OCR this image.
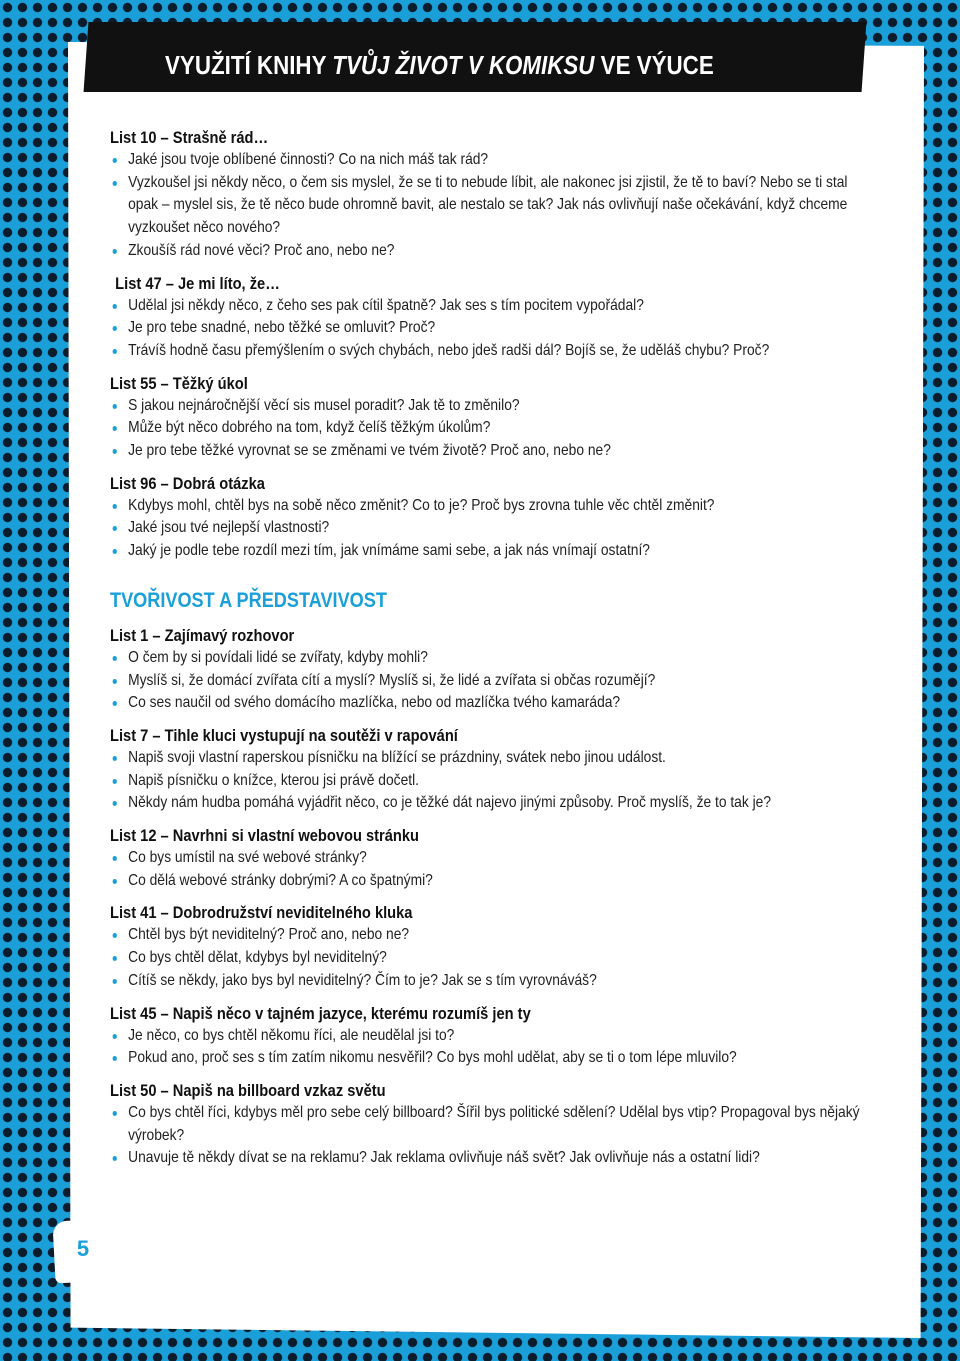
VYUŽITÍ KNIHY TVŮJ ŽIVOT V KOMIKSU VE VÝUCE
List 10 – Strašně rád…
Jaké jsou tvoje oblíbené činnosti? Co na nich máš tak rád?
Vyzkoušel jsi někdy něco, o čem sis myslel, že se ti to nebude líbit, ale nakonec jsi zjistil, že tě to baví? Nebo se ti stal opak – myslel sis, že tě něco bude ohromně bavit, ale nestalo se tak? Jak nás ovlivňují naše očekávání, když chceme vyzkoušet něco nového?
Zkoušíš rád nové věci? Proč ano, nebo ne?
List 47 – Je mi líto, že…
Udělal jsi někdy něco, z čeho ses pak cítil špatně? Jak ses s tím pocitem vypořádal?
Je pro tebe snadné, nebo těžké se omluvit? Proč?
Trávíš hodně času přemýšlením o svých chybách, nebo jdeš radši dál? Bojíš se, že uděláš chybu? Proč?
List 55 – Těžký úkol
S jakou nejnáročnější věcí sis musel poradit? Jak tě to změnilo?
Může být něco dobrého na tom, když čelíš těžkým úkolům?
Je pro tebe těžké vyrovnat se se změnami ve tvém životě? Proč ano, nebo ne?
List 96 – Dobrá otázka
Kdybys mohl, chtěl bys na sobě něco změnit? Co to je? Proč bys zrovna tuhle věc chtěl změnit?
Jaké jsou tvé nejlepší vlastnosti?
Jaký je podle tebe rozdíl mezi tím, jak vnímáme sami sebe, a jak nás vnímají ostatní?
TVOŘIVOST A PŘEDSTAVIVOST
List 1 – Zajímavý rozhovor
O čem by si povídali lidé se zvířaty, kdyby mohli?
Myslíš si, že domácí zvířata cítí a myslí? Myslíš si, že lidé a zvířata si občas rozumějí?
Co ses naučil od svého domácího mazlíčka, nebo od mazlíčka tvého kamaráda?
List 7 – Tihle kluci vystupují na soutěži v rapování
Napiš svoji vlastní raperskou písničku na blížící se prázdniny, svátek nebo jinou událost.
Napiš písničku o knížce, kterou jsi právě dočetl.
Někdy nám hudba pomáhá vyjádřit něco, co je těžké dát najevo jinými způsoby. Proč myslíš, že to tak je?
List 12 – Navrhni si vlastní webovou stránku
Co bys umístil na své webové stránky?
Co dělá webové stránky dobrými? A co špatnými?
List 41 – Dobrodružství neviditelného kluka
Chtěl bys být neviditelný? Proč ano, nebo ne?
Co bys chtěl dělat, kdybys byl neviditelný?
Cítíš se někdy, jako bys byl neviditelný? Čím to je? Jak se s tím vyrovnáváš?
List 45 – Napiš něco v tajném jazyce, kterému rozumíš jen ty
Je něco, co bys chtěl někomu říci, ale neudělal jsi to?
Pokud ano, proč ses s tím zatím nikomu nesvěřil? Co bys mohl udělat, aby se ti o tom lépe mluvilo?
List 50 – Napiš na billboard vzkaz světu
Co bys chtěl říci, kdybys měl pro sebe celý billboard? Šířil bys politické sdělení? Udělal bys vtip? Propagoval bys nějaký výrobek?
Unavuje tě někdy dívat se na reklamu? Jak reklama ovlivňuje náš svět? Jak ovlivňuje nás a ostatní lidi?
5
